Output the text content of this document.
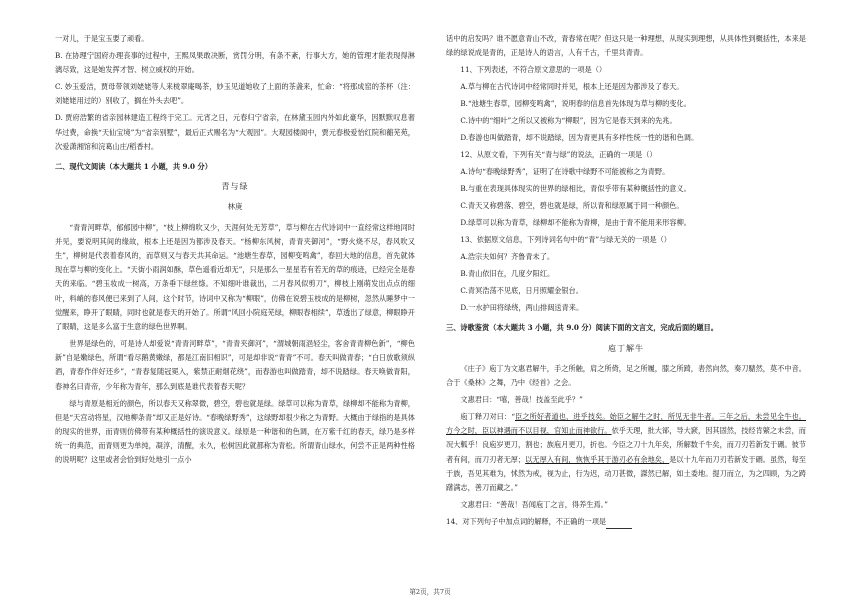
一对儿，于是宝玉要了顽看。

B. 在协理宁国府办理丧事的过程中，王熙凤果敢决断，赏罚分明，有条不紊，行事大方，她的管理才能表现得淋漓尽致，这是她发挥才智、树立威权的开始。

C. 妙玉爱洁，贾母带领刘姥姥等人来栊翠庵喝茶，妙玉见道她收了上面的茶盏来，忙命：“将那成窑的茶杯（注：刘姥姥用过的）别收了，搁在外头去吧”。

D. 贾府浩繁的省亲园林建造工程终于完工。元宵之日，元春归宁省亲，在林黛玉园内外如此豪华，因默默叹息奢华过费，命换“天仙宝境”为“省亲别墅”，最后正式赐名为“大观园”。大观园楼阁中，贾元春极爱怡红院和蘅芜苑，次爱潇湘馆和浣葛山庄/稻香村。

二、现代文阅读（本大题共 1 小题，共 9.0 分）

青与绿

林庚

“青青河畔草，郁郁园中柳”，“枝上柳绵吹又少，天涯何处无芳草”，草与柳在古代诗词中一直经常这样地同时并见，要说明其间的缘故，根本上还是因为都涉及春天。“杨柳东风树，青青夹御河”，“野火烧不尽，春风吹又生”，柳树是代表着春风的，而草则又与春天共其命运。“池塘生春草，园柳变鸣禽”，春回大地的信息，首先就体现在草与柳的变化上。“天街小雨润如酥，草色遥看近却无”，只是那么一星星若有若无的草的痕迹，已经完全是春天的来临。“碧玉妆成一树高，万条垂下绿丝绦。不知细叶谁裁出，二月春风似剪刀”，柳枝上刚萌发出点点的细叶，料峭的春风便已来到了人间，这个时节，诗词中又称为“柳眼”，仿佛在说碧玉枝成的是柳树，忽然从睡梦中一觉醒来，睁开了眼睛，同时也就是春天的开始了。所谓“风回小院庭芜绿，柳眼春相续”，草透出了绿意，柳眼睁开了眼睛，这是多么富于生意的绿色世界啊。

世界是绿色的，可是诗人却爱说“青青河畔草”，“青青夹御河”，“渭城朝雨浥轻尘，客舍青青柳色新”，“柳色新”自是嫩绿色，所谓“看尽鹅黄嫩绿，都是江南旧相识”，可是却非说“青青”不可。春天叫做青春；“白日放歌须纵酒，青春作伴好还乡”，“青春复随冠冕入，紫禁正耐烟花绕”，而春游也叫做踏青，却不说踏绿。春天唤做青阳，春神名曰青帝，少年称为青年，那么到底是谁代表着春天呢？

绿与青原是相近的颜色，所以春天又称翠微，碧空，碧也就是绿。绿草可以称为青草，绿柳却不能称为青柳，但是“天宫动将星，汉地柳条青”却又正是好诗。“春晚绿野秀”，这绿野却很少称之为青野。大概由于绿指的是具体的现实的世界，而青则仿佛带有某种概括性的演说意义。绿原是一种谐和的色调，在万紫千红的春天，绿乃是多样统一的典范，而青则更为单纯，凝淳，清醒，永久，松树因此就都称为青松。所谓青山绿水，何尝不正是两种性格的说明呢？这里或者会恰到好处地引一点小

话中的启发吗？谁不愿意青山不改，青春常在呢？但这只是一种理想，从现实到理想，从具体性到概括性，本来是绿的绿说成是青的，正是诗人的语言，人有千古，千里共青青。

11、下列表述，不符合原文意思的一项是（）

A.草与柳在古代诗词中经常同时并见，根本上还是因为都涉及了春天。

B.“池塘生春草，园柳变鸣禽”，说明春的信息首先体现为草与柳的变化。

C.诗中的“细叶”之所以又被称为“柳眼”，因为它是春天到来的先兆。

D.春游也叫做踏青，却不说踏绿，因为青更具有多样性统一性的谐和色调。

12、从原文看，下列有关“青与绿”的说法，正确的一项是（）

A.诗句“春晚绿野秀”，证明了在诗歌中绿野不可能被称之为青野。

B.与重在表现具体现实的世界的绿相比，青似乎带有某种概括性的意义。

C.青天又称碧落、碧空，碧也就是绿，所以青和绿原属于同一种颜色。

D.绿草可以称为青草，绿柳却不能称为青柳，是由于青不能用来形容柳。

13、依据原文信息，下列诗词名句中的“青”与绿无关的一项是（）

A.浩宗夫如何？齐鲁青未了。

B.青山依旧在，几度夕阳红。

C.青冥浩荡不见底，日月照耀金银台。

D.一水护田将绿绕，两山排闼送青来。

三、诗歌鉴赏（本大题共 3 小题，共 9.0 分）阅读下面的文言文，完成后面的题目。

庖丁解牛

《庄子》庖丁为文惠君解牛，手之所触，肩之所倚，足之所履，膝之所踦，砉然向然，奏刀騞然，莫不中音。合于《桑林》之舞，乃中《经首》之会。

文惠君曰：“嘻，善哉！技盖至此乎？”

庖丁释刀对曰：“臣之所好者道也，进乎技矣。始臣之解牛之时，所见无非牛者。三年之后，未尝见全牛也。方今之时，臣以神遇而不以目视，官知止而神欲行。依乎天理，批大郤，导大窾，因其固然，技经肯綮之未尝，而况大軱乎！良庖岁更刀，割也；族庖月更刀，折也。今臣之刀十九年矣，所解数千牛矣，而刀刃若新发于硎。彼节者有间，而刀刃者无厚；以无厚入有间，恢恢乎其于游刃必有余地矣，是以十九年而刀刃若新发于硎。虽然，每至于族，吾见其难为，怵然为戒，视为止，行为迟，动刀甚微，謋然已解，如土委地。提刀而立，为之四顾，为之踌躇满志，善刀而藏之。”

文惠君曰：“善哉！吾闻庖丁之言，得养生焉。”

14、对下列句子中加点词的解释，不正确的一项是

第2页，共7页
